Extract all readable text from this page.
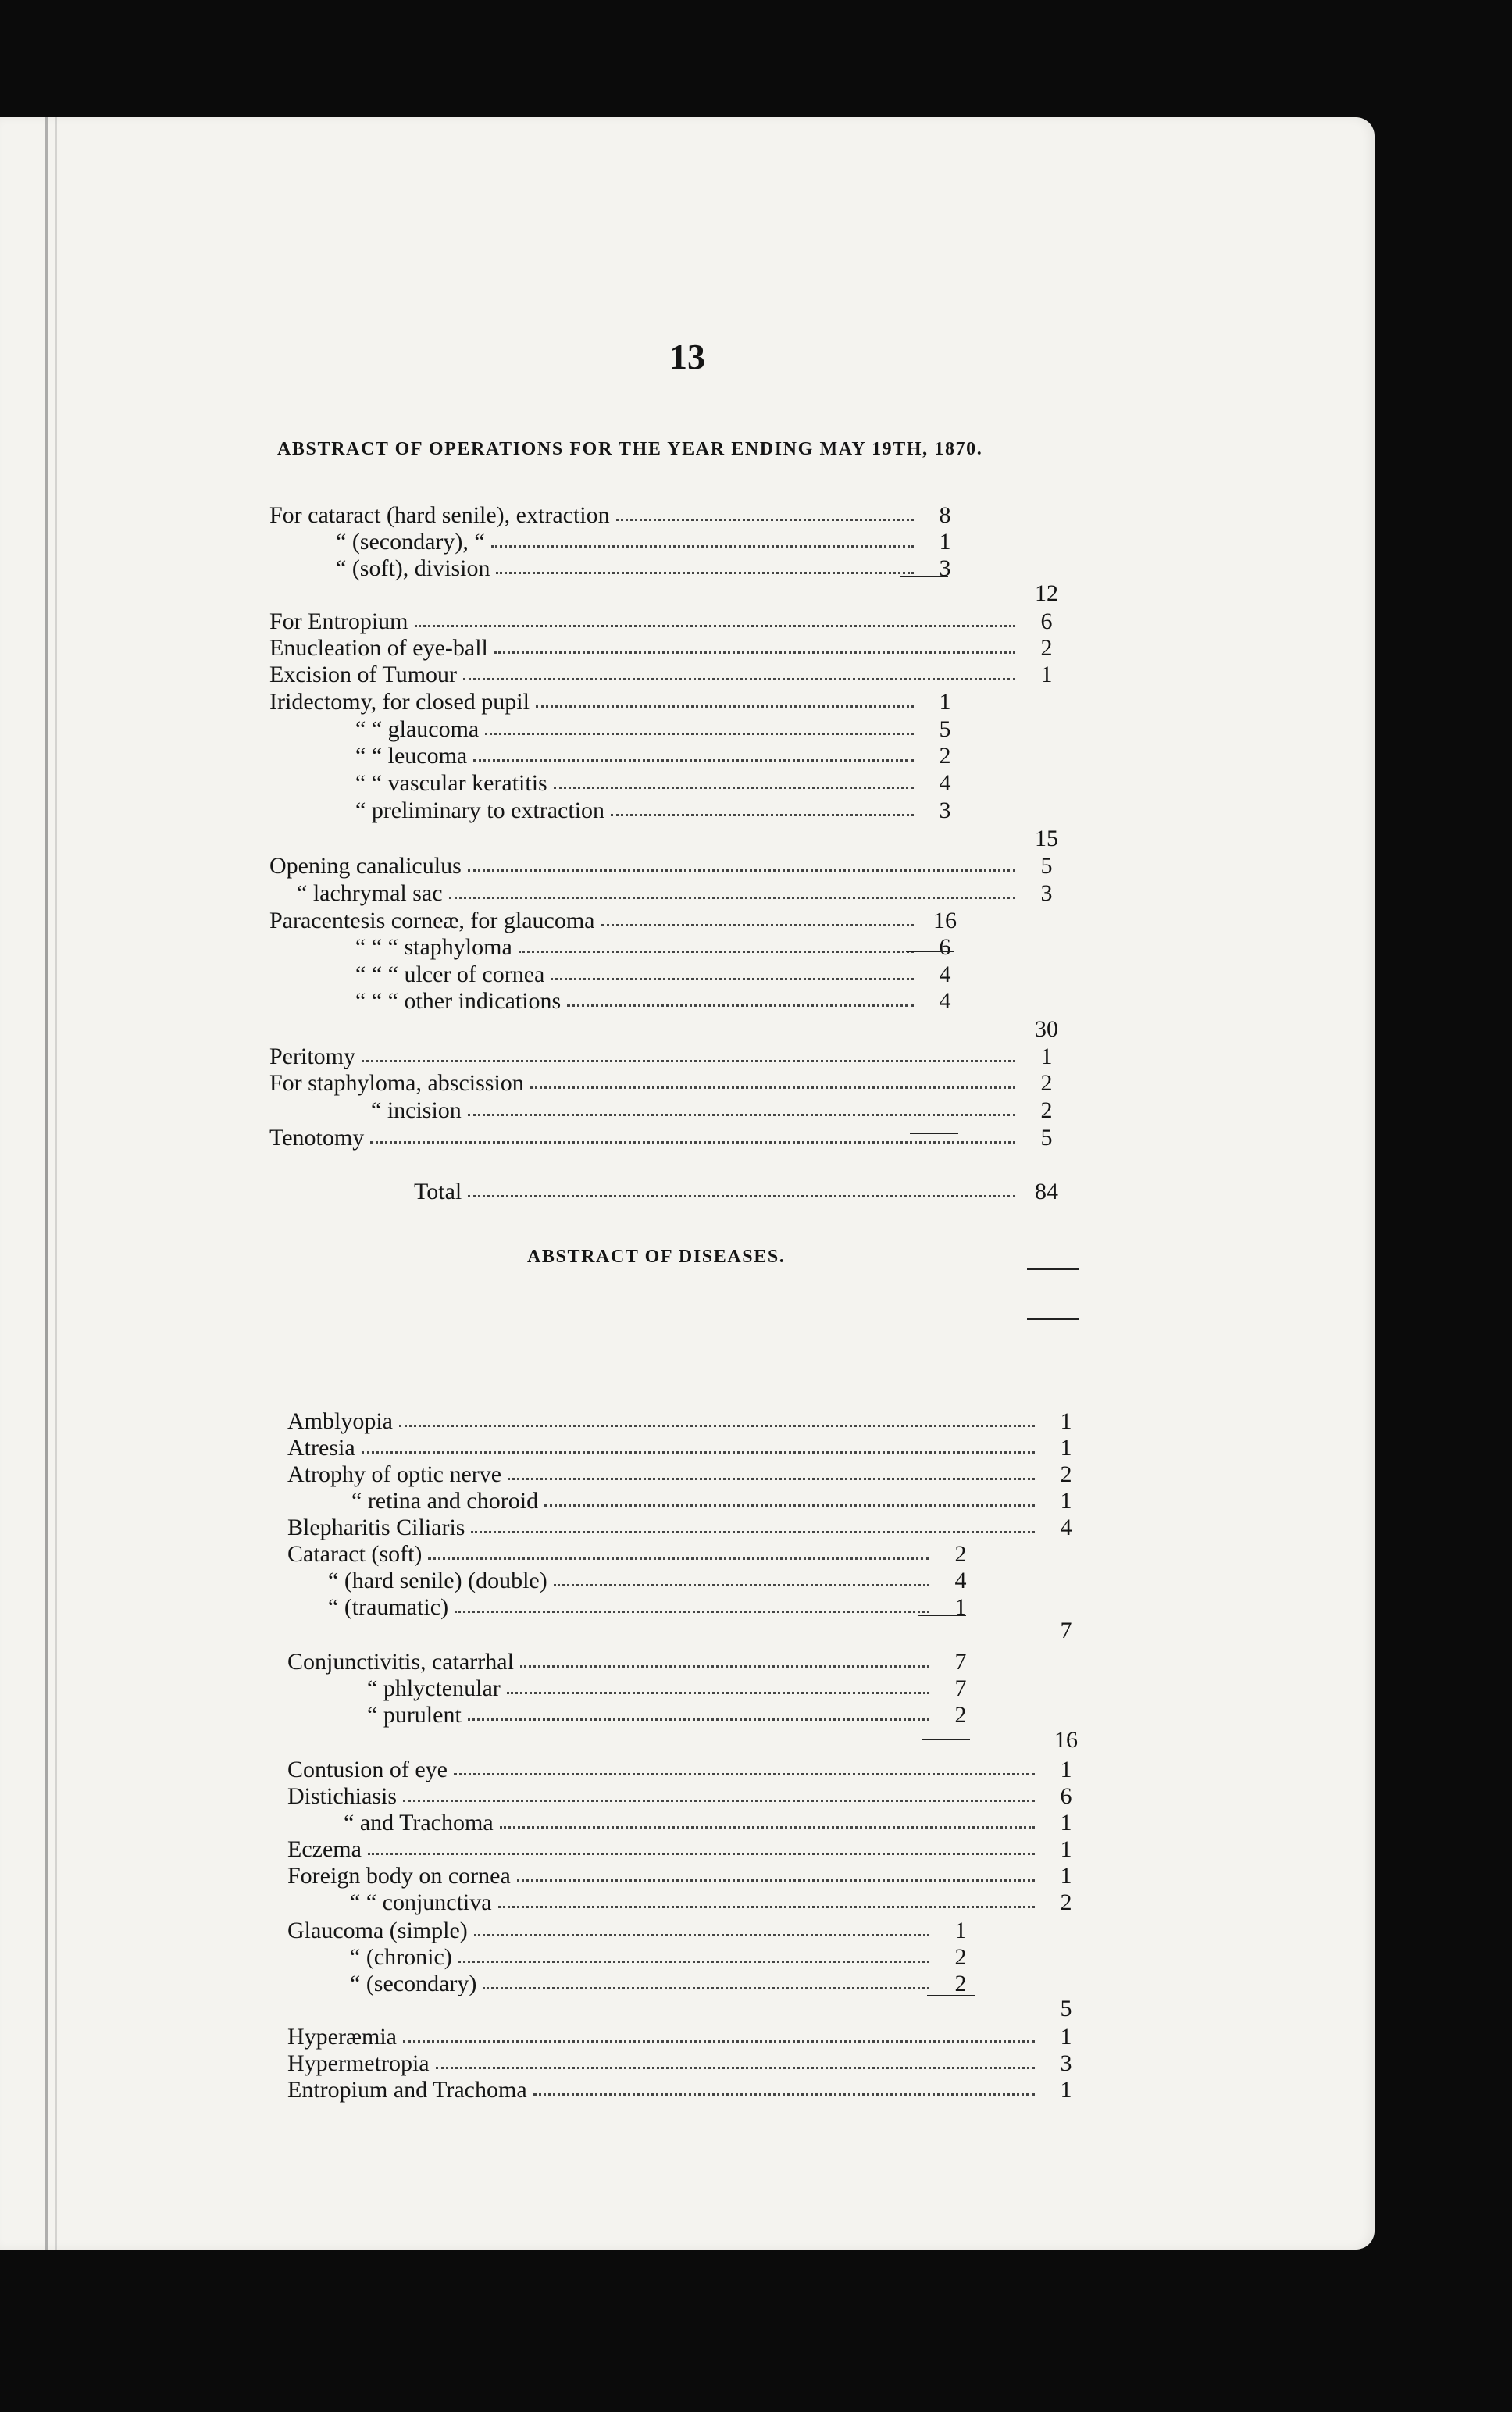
13
ABSTRACT OF OPERATIONS FOR THE YEAR ENDING MAY 19TH, 1870.
For cataract (hard senile), extraction	8
“ (secondary), “	1
“ (soft), division	3
12
For Entropium	6
Enucleation of eye-ball	2
Excision of Tumour	1
Iridectomy, for closed pupil	1
“ “ glaucoma	5
“ “ leucoma	2
“ “ vascular keratitis	4
“ preliminary to extraction	3
15
Opening canaliculus	5
“ lachrymal sac	3
Paracentesis corneæ, for glaucoma	16
“ “ “ staphyloma	6
“ “ “ ulcer of cornea	4
“ “ “ other indications	4
30
Peritomy	1
For staphyloma, abscission	2
“ incision	2
Tenotomy	5
Total	84
ABSTRACT OF DISEASES.
Amblyopia	1
Atresia	1
Atrophy of optic nerve	2
“ retina and choroid	1
Blepharitis Ciliaris	4
Cataract (soft)	2
“ (hard senile) (double)	4
“ (traumatic)	1
7
Conjunctivitis, catarrhal	7
“ phlyctenular	7
“ purulent	2
16
Contusion of eye	1
Distichiasis	6
“ and Trachoma	1
Eczema	1
Foreign body on cornea	1
“ “ conjunctiva	2
Glaucoma (simple)	1
“ (chronic)	2
“ (secondary)	2
5
Hyperæmia	1
Hypermetropia	3
Entropium and Trachoma	1
